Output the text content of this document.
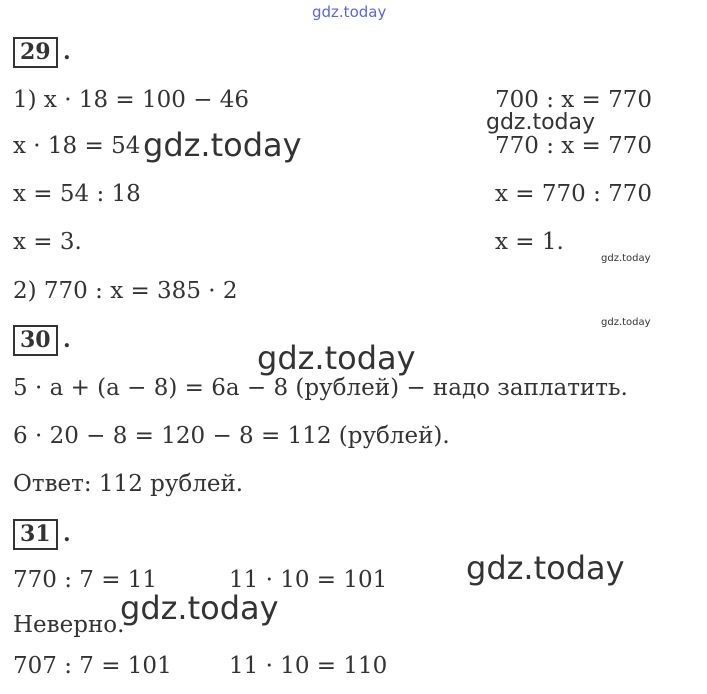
gdz.today
gdz.today
gdz.today
gdz.today
gdz.today
gdz.today
gdz.today
gdz.today
29 .
1) x · 18 = 100 − 46
x · 18 = 54
x = 54 : 18
x = 3.
2) 770 : x = 385 · 2
700 : x = 770
770 : x = 770
x = 770 : 770
x = 1.
30 .
5 · a + (a − 8) = 6a − 8 (рублей) − надо заплатить.
6 · 20 − 8 = 120 − 8 = 112 (рублей).
Ответ: 112 рублей.
31 .
770 : 7 = 11
Неверно.
707 : 7 = 101
11 · 10 = 101
11 · 10 = 110
